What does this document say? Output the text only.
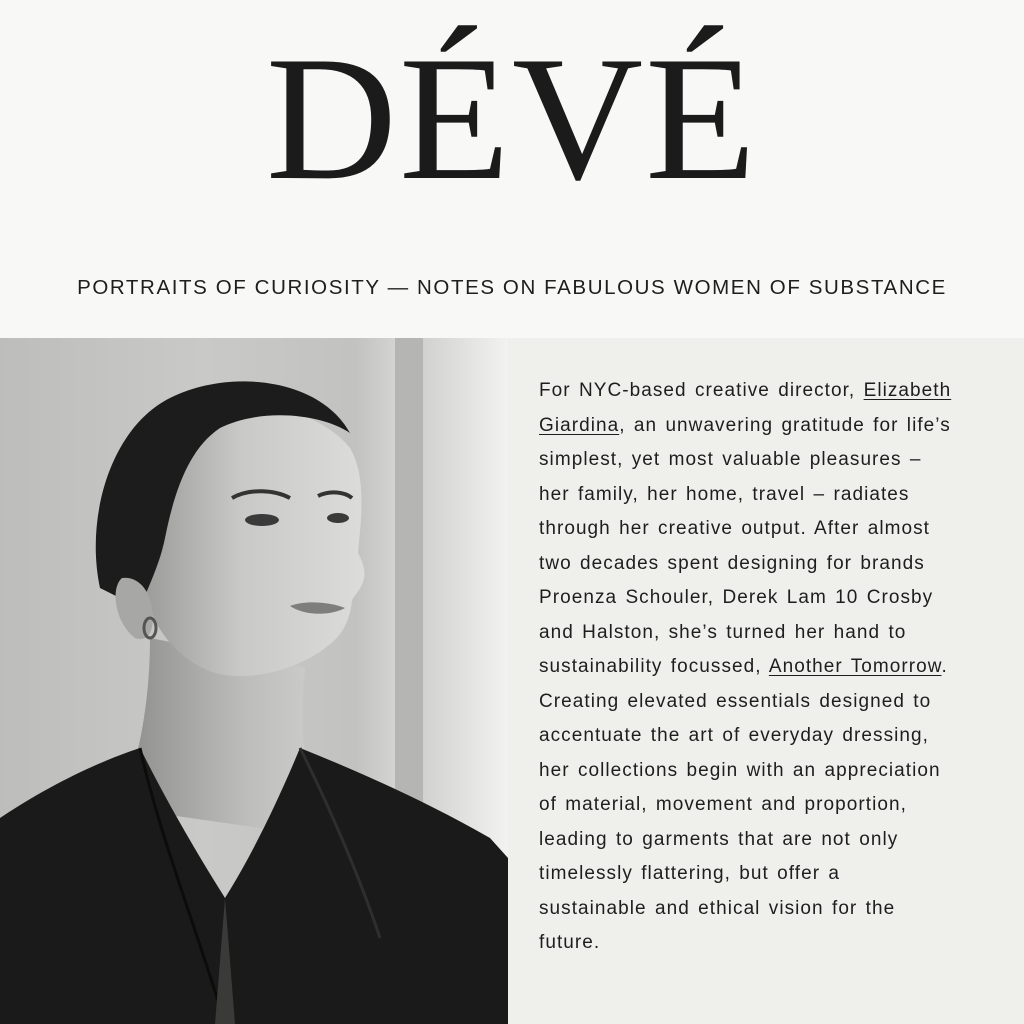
DÉVÉ
PORTRAITS OF CURIOSITY — NOTES ON FABULOUS WOMEN OF SUBSTANCE
For NYC-based creative director, Elizabeth
Giardina, an unwavering gratitude for life’s
simplest, yet most valuable pleasures –
her family, her home, travel – radiates
through her creative output. After almost
two decades spent designing for brands
Proenza Schouler, Derek Lam 10 Crosby
and Halston, she’s turned her hand to
sustainability focussed, Another Tomorrow.
Creating elevated essentials designed to
accentuate the art of everyday dressing,
her collections begin with an appreciation
of material, movement and proportion,
leading to garments that are not only
timelessly flattering, but offer a
sustainable and ethical vision for the
future.
